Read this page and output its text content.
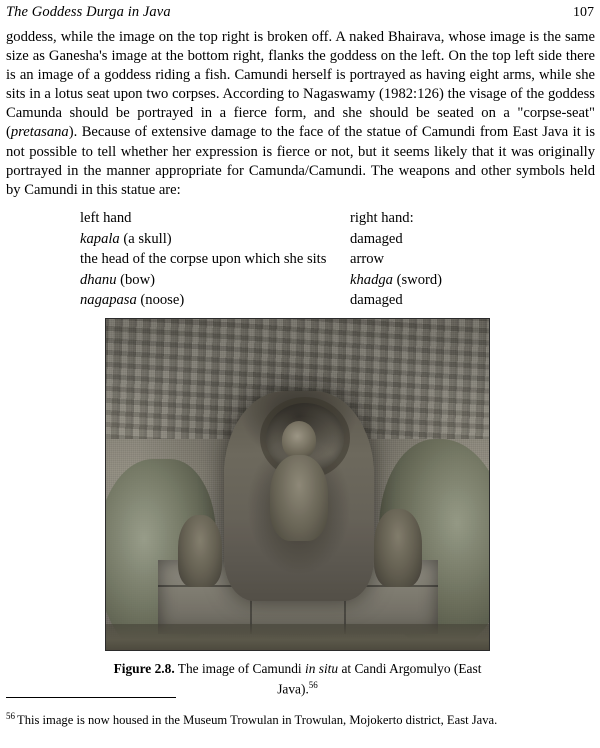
The Goddess Durga in Java	107
goddess, while the image on the top right is broken off. A naked Bhairava, whose image is the same size as Ganesha's image at the bottom right, flanks the goddess on the left. On the top left side there is an image of a goddess riding a fish. Camundi herself is portrayed as having eight arms, while she sits in a lotus seat upon two corpses. According to Nagaswamy (1982:126) the visage of the goddess Camunda should be portrayed in a fierce form, and she should be seated on a "corpse-seat" (pretasana). Because of extensive damage to the face of the statue of Camundi from East Java it is not possible to tell whether her expression is fierce or not, but it seems likely that it was originally portrayed in the manner appropriate for Camunda/Camundi. The weapons and other symbols held by Camundi in this statue are:
left hand	right hand:
kapala (a skull)	damaged
the head of the corpse upon which she sits	arrow
dhanu (bow)	khadga (sword)
nagapasa (noose)	damaged
Figure 2.8. The image of Camundi in situ at Candi Argomulyo (East Java).$^{56}$
$^{56}$ This image is now housed in the Museum Trowulan in Trowulan, Mojokerto district, East Java.
